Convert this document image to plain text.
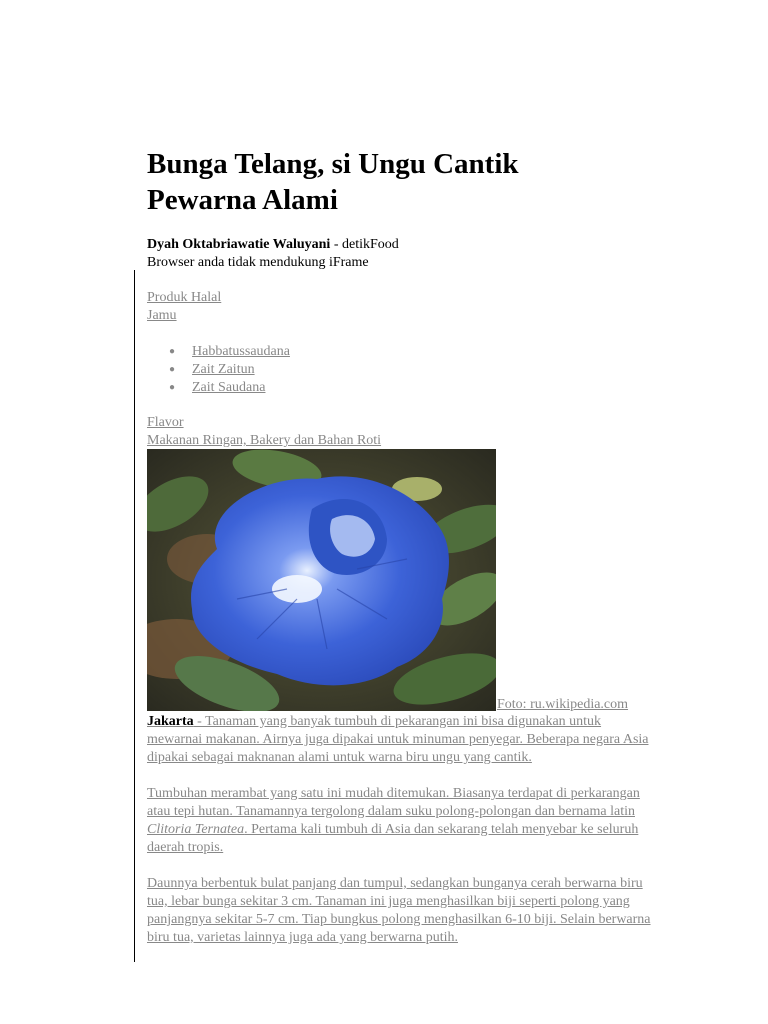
Bunga Telang, si Ungu Cantik Pewarna Alami
Dyah Oktabriawatie Waluyani - detikFood
Browser anda tidak mendukung iFrame
Produk Halal
Jamu
● Habbatussaudana
● Zait Zaitun
● Zait Saudana
Flavor
Makanan Ringan, Bakery dan Bahan Roti
Foto: ru.wikipedia.com

Jakarta - Tanaman yang banyak tumbuh di pekarangan ini bisa digunakan untuk mewarnai makanan. Airnya juga dipakai untuk minuman penyegar. Beberapa negara Asia dipakai sebagai maknanan alami untuk warna biru ungu yang cantik.

Tumbuhan merambat yang satu ini mudah ditemukan. Biasanya terdapat di perkarangan atau tepi hutan. Tanamannya tergolong dalam suku polong-polongan dan bernama latin Clitoria Ternatea. Pertama kali tumbuh di Asia dan sekarang telah menyebar ke seluruh daerah tropis.

Daunnya berbentuk bulat panjang dan tumpul, sedangkan bunganya cerah berwarna biru tua, lebar bunga sekitar 3 cm. Tanaman ini juga menghasilkan biji seperti polong yang panjangnya sekitar 5-7 cm. Tiap bungkus polong menghasilkan 6-10 biji. Selain berwarna biru tua, varietas lainnya juga ada yang berwarna putih.
